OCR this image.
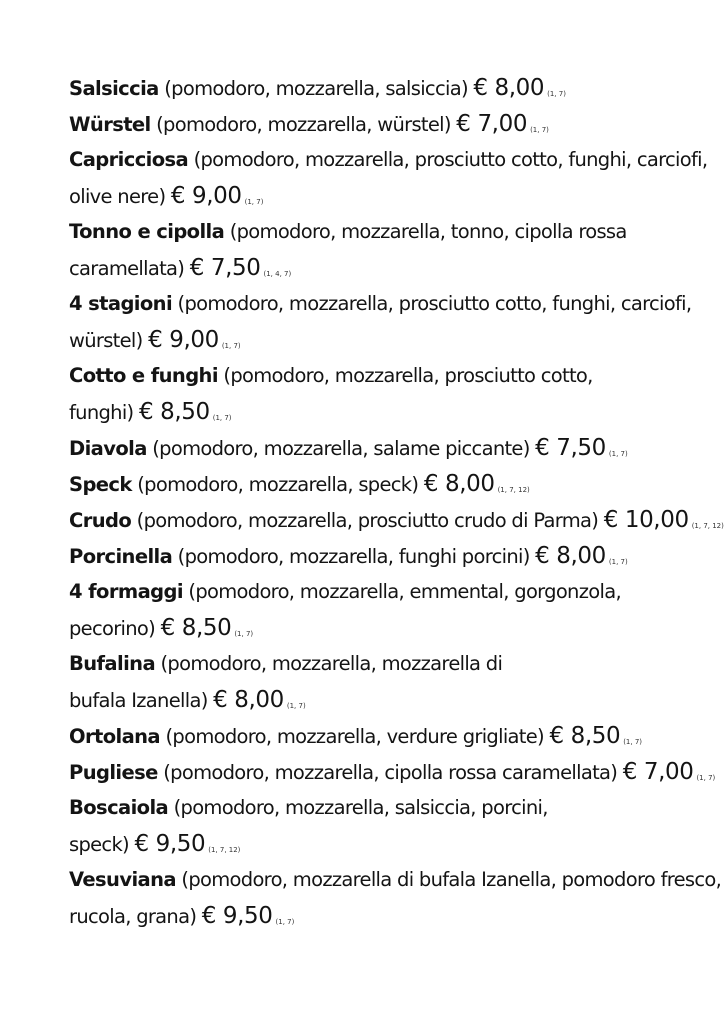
Salsiccia (pomodoro, mozzarella, salsiccia) € 8,00 (1, 7)
Würstel (pomodoro, mozzarella, würstel) € 7,00 (1, 7)
Capricciosa (pomodoro, mozzarella, prosciutto cotto, funghi, carciofi,
olive nere) € 9,00 (1, 7)
Tonno e cipolla (pomodoro, mozzarella, tonno, cipolla rossa
caramellata) € 7,50 (1, 4, 7)
4 stagioni (pomodoro, mozzarella, prosciutto cotto, funghi, carciofi,
würstel) € 9,00 (1, 7)
Cotto e funghi (pomodoro, mozzarella, prosciutto cotto,
funghi) € 8,50 (1, 7)
Diavola (pomodoro, mozzarella, salame piccante) € 7,50 (1, 7)
Speck (pomodoro, mozzarella, speck) € 8,00 (1, 7, 12)
Crudo (pomodoro, mozzarella, prosciutto crudo di Parma) € 10,00 (1, 7, 12)
Porcinella (pomodoro, mozzarella, funghi porcini) € 8,00 (1, 7)
4 formaggi (pomodoro, mozzarella, emmental, gorgonzola,
pecorino) € 8,50 (1, 7)
Bufalina (pomodoro, mozzarella, mozzarella di
bufala Izanella) € 8,00 (1, 7)
Ortolana (pomodoro, mozzarella, verdure grigliate) € 8,50 (1, 7)
Pugliese (pomodoro, mozzarella, cipolla rossa caramellata) € 7,00 (1, 7)
Boscaiola (pomodoro, mozzarella, salsiccia, porcini,
speck) € 9,50 (1, 7, 12)
Vesuviana (pomodoro, mozzarella di bufala Izanella, pomodoro fresco,
rucola, grana) € 9,50 (1, 7)
